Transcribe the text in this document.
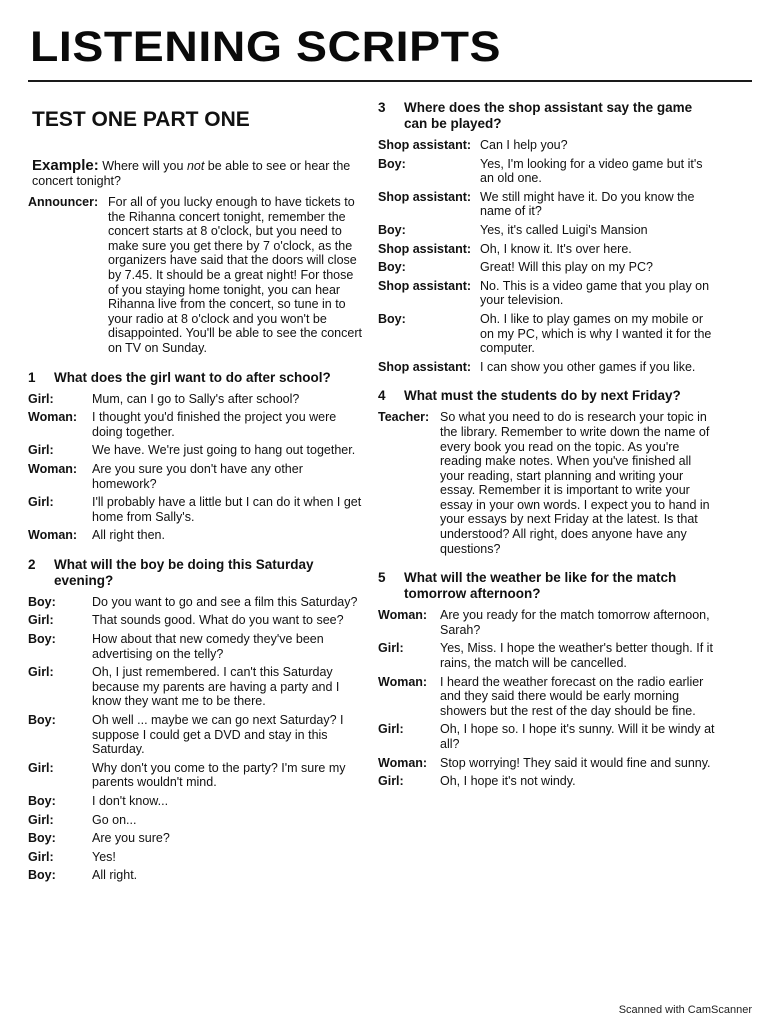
LISTENING SCRIPTS
TEST ONE PART ONE
Example: Where will you not be able to see or hear the concert tonight?
Announcer: For all of you lucky enough to have tickets to the Rihanna concert tonight, remember the concert starts at 8 o'clock, but you need to make sure you get there by 7 o'clock, as the organizers have said that the doors will close by 7.45. It should be a great night! For those of you staying home tonight, you can hear Rihanna live from the concert, so tune in to your radio at 8 o'clock and you won't be disappointed. You'll be able to see the concert on TV on Sunday.
1	What does the girl want to do after school?
Girl:	Mum, can I go to Sally's after school?
Woman:	I thought you'd finished the project you were doing together.
Girl:	We have. We're just going to hang out together.
Woman:	Are you sure you don't have any other homework?
Girl:	I'll probably have a little but I can do it when I get home from Sally's.
Woman:	All right then.
2	What will the boy be doing this Saturday evening?
Boy:	Do you want to go and see a film this Saturday?
Girl:	That sounds good. What do you want to see?
Boy:	How about that new comedy they've been advertising on the telly?
Girl:	Oh, I just remembered. I can't this Saturday because my parents are having a party and I know they want me to be there.
Boy:	Oh well ... maybe we can go next Saturday? I suppose I could get a DVD and stay in this Saturday.
Girl:	Why don't you come to the party? I'm sure my parents wouldn't mind.
Boy:	I don't know...
Girl:	Go on...
Boy:	Are you sure?
Girl:	Yes!
Boy:	All right.
3	Where does the shop assistant say the game can be played?
Shop assistant: Can I help you?
Boy:	Yes, I'm looking for a video game but it's an old one.
Shop assistant: We still might have it. Do you know the name of it?
Boy:	Yes, it's called Luigi's Mansion
Shop assistant: Oh, I know it. It's over here.
Boy:	Great! Will this play on my PC?
Shop assistant: No. This is a video game that you play on your television.
Boy:	Oh. I like to play games on my mobile or on my PC, which is why I wanted it for the computer.
Shop assistant: I can show you other games if you like.
4	What must the students do by next Friday?
Teacher: So what you need to do is research your topic in the library. Remember to write down the name of every book you read on the topic. As you're reading make notes. When you've finished all your reading, start planning and writing your essay. Remember it is important to write your essay in your own words. I expect you to hand in your essays by next Friday at the latest. Is that understood? All right, does anyone have any questions?
5	What will the weather be like for the match tomorrow afternoon?
Woman:	Are you ready for the match tomorrow afternoon, Sarah?
Girl:	Yes, Miss. I hope the weather's better though. If it rains, the match will be cancelled.
Woman:	I heard the weather forecast on the radio earlier and they said there would be early morning showers but the rest of the day should be fine.
Girl:	Oh, I hope so. I hope it's sunny. Will it be windy at all?
Woman:	Stop worrying! They said it would fine and sunny.
Girl:	Oh, I hope it's not windy.
Scanned with CamScanner
